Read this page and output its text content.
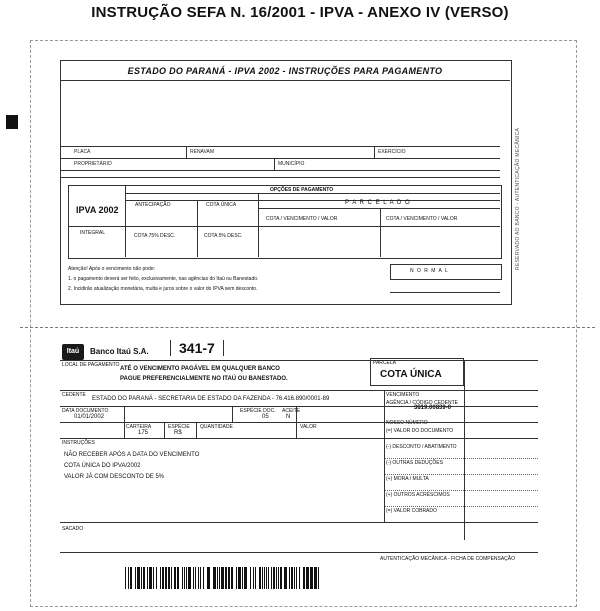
INSTRUÇÃO SEFA N. 16/2001 - IPVA - ANEXO IV (VERSO)
ESTADO DO PARANÁ - IPVA 2002 - INSTRUÇÕES PARA PAGAMENTO
PLACA	RENAVAM	EXERCÍCIO
PROPRIETÁRIO	MUNICÍPIO
IPVA 2002
OPÇÕES DE PAGAMENTO
ANTECIPAÇÃO	COTA ÚNICA	P A R C E L A D O
COTA / VENCIMENTO / VALOR	COTA / VENCIMENTO / VALOR
INTEGRAL	COTA 75% DESC.	COTA 5% DESC.
Atenção! Após o vencimento não pode:
1. o pagamento deverá ser feito, exclusivamente, nas agências do Itaú ou Banestado.
2. Incidirão atualização monetária, multa e juros sobre o valor do IPVA sem desconto.
N O R M A L
RESERVADO AO BANCO - AUTENTICAÇÃO MECÂNICA
Itaú	Banco Itaú S.A.	341-7
LOCAL DE PAGAMENTO
ATÉ O VENCIMENTO PAGÁVEL EM QUALQUER BANCO
PAGUE PREFERENCIALMENTE NO ITAÚ OU BANESTADO.
PARCELA
COTA ÚNICA
VENCIMENTO
CEDENTE
ESTADO DO PARANÁ - SECRETARIA DE ESTADO DA FAZENDA - 76.416.890/0001-89
AGÊNCIA / CÓDIGO CEDENTE
3819.00839-0
DATA DOCUMENTO
01/01/2002
ESPÉCIE DOC.
05
ACEITE
N
NOSSO NÚMERO
CARTEIRA
175
ESPÉCIE
R$
QUANTIDADE	VALOR
(=) VALOR DO DOCUMENTO
INSTRUÇÕES
NÃO RECEBER APÓS A DATA DO VENCIMENTO
COTA ÚNICA DO IPVA/2002
VALOR JÁ COM DESCONTO DE 5%
(-) DESCONTO / ABATIMENTO
(-) OUTRAS DEDUÇÕES
(+) MORA / MULTA
(+) OUTROS ACRÉSCIMOS
(=) VALOR COBRADO
SACADO
AUTENTICAÇÃO MECÂNICA - FICHA DE COMPENSAÇÃO
